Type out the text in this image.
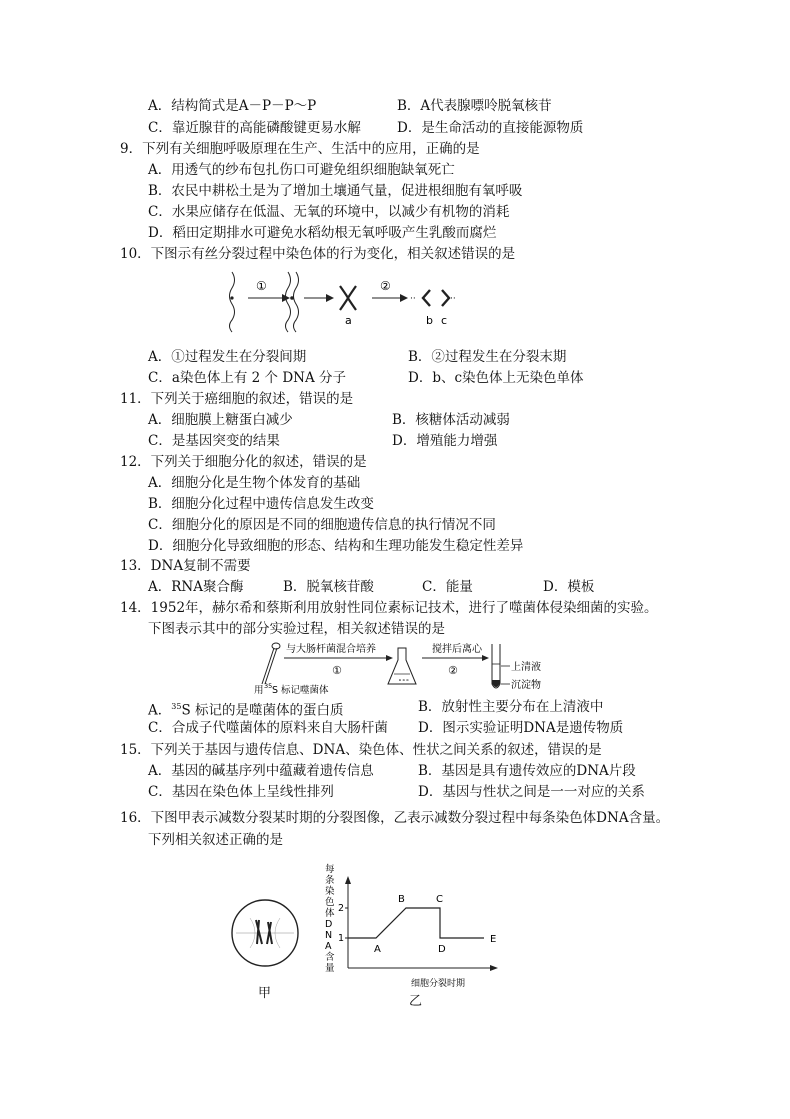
A．结构简式是A－P－P～P	B．A代表腺嘌呤脱氧核苷
C．靠近腺苷的高能磷酸键更易水解	D．是生命活动的直接能源物质
9．下列有关细胞呼吸原理在生产、生活中的应用，正确的是
A．用透气的纱布包扎伤口可避免组织细胞缺氧死亡
B．农民中耕松土是为了增加土壤通气量，促进根细胞有氧呼吸
C．水果应储存在低温、无氧的环境中，以减少有机物的消耗
D．稻田定期排水可避免水稻幼根无氧呼吸产生乳酸而腐烂
10．下图示有丝分裂过程中染色体的行为变化，相关叙述错误的是
①
a
②
··	··
b c
A．①过程发生在分裂间期	B．②过程发生在分裂末期
C．a染色体上有 2 个 DNA 分子	D．b、c染色体上无染色单体
11．下列关于癌细胞的叙述，错误的是
A．细胞膜上糖蛋白减少	B．核糖体活动减弱
C．是基因突变的结果	D．增殖能力增强
12．下列关于细胞分化的叙述，错误的是
A．细胞分化是生物个体发育的基础
B．细胞分化过程中遗传信息发生改变
C．细胞分化的原因是不同的细胞遗传信息的执行情况不同
D．细胞分化导致细胞的形态、结构和生理功能发生稳定性差异
13．DNA复制不需要
A．RNA聚合酶	B．脱氧核苷酸	C．能量	D．模板
14．1952年，赫尔希和蔡斯利用放射性同位素标记技术，进行了噬菌体侵染细菌的实验。
下图表示其中的部分实验过程，相关叙述错误的是
用 35 S 标记噬菌体
与大肠杆菌混合培养
①
∘∘∘
搅拌后离心
②	上清液
沉淀物
A．$^{35}$S 标记的是噬菌体的蛋白质	B．放射性主要分布在上清液中
C．合成子代噬菌体的原料来自大肠杆菌 D．图示实验证明DNA是遗传物质
15．下列关于基因与遗传信息、DNA、染色体、性状之间关系的叙述，错误的是
A．基因的碱基序列中蕴藏着遗传信息	B．基因是具有遗传效应的DNA片段
C．基因在染色体上呈线性排列	D．基因与性状之间是一一对应的关系
16．下图甲表示减数分裂某时期的分裂图像，乙表示减数分裂过程中每条染色体DNA含量。
下列相关叙述正确的是
甲
每
条
染
色
体
D
N
A
含
量
1
2
A
B	C
D
E
细胞分裂时期
乙
